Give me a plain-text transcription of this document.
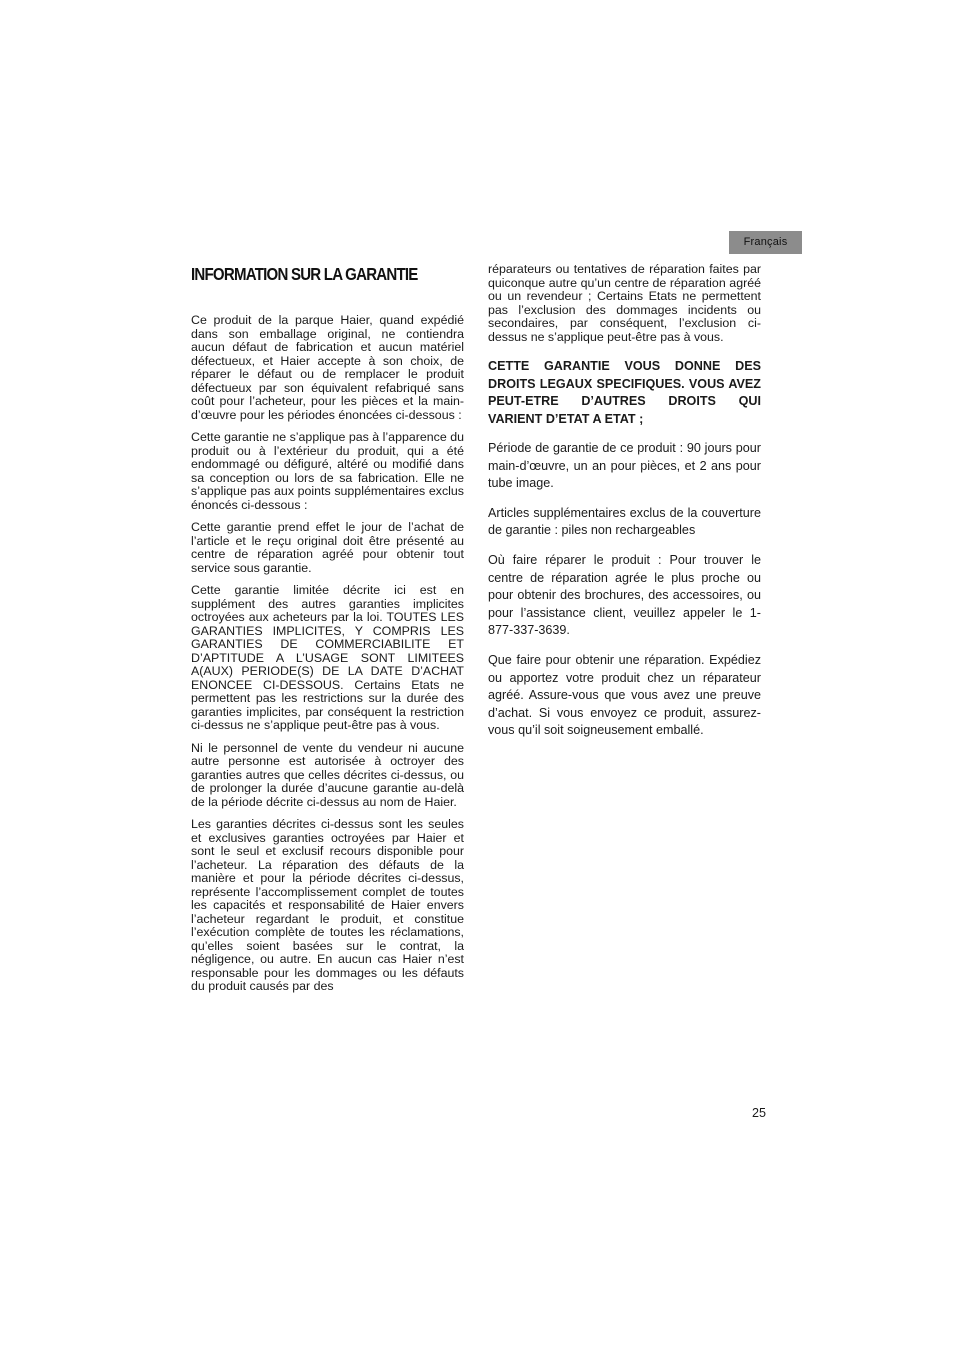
Français
INFORMATION SUR LA GARANTIE

Ce produit de la parque Haier, quand expédié dans son emballage original, ne contiendra aucun défaut de fabrication et aucun matériel défectueux, et Haier accepte à son choix, de réparer le défaut ou de remplacer le produit défectueux par son équivalent refabriqué sans coût pour l’acheteur, pour les pièces et la main-d’œuvre pour les périodes énoncées ci-dessous :

Cette garantie ne s’applique pas à l’apparence du produit ou à l’extérieur du produit, qui a été endommagé ou défiguré, altéré ou modifié dans sa conception ou lors de sa fabrication. Elle ne s’applique pas aux points supplémentaires exclus énoncés ci-dessous :

Cette garantie prend effet le jour de l’achat de l’article et le reçu original doit être présenté au centre de réparation agréé pour obtenir tout service sous garantie.

Cette garantie limitée décrite ici est en supplément des autres garanties implicites octroyées aux acheteurs par la loi. TOUTES LES GARANTIES IMPLICITES, Y COMPRIS LES GARANTIES DE COMMERCIABILITE ET D’APTITUDE A L’USAGE SONT LIMITEES A(AUX) PERIODE(S) DE LA DATE D’ACHAT ENONCEE CI-DESSOUS. Certains Etats ne permettent pas les restrictions sur la durée des garanties implicites, par conséquent la restriction ci-dessus ne s’applique peut-être pas à vous.

Ni le personnel de vente du vendeur ni aucune autre personne est autorisée à octroyer des garanties autres que celles décrites ci-dessus, ou de prolonger la durée d’aucune garantie au-delà de la période décrite ci-dessus au nom de Haier.

Les garanties décrites ci-dessus sont les seules et exclusives garanties octroyées par Haier et sont le seul et exclusif recours disponible pour l’acheteur. La réparation des défauts de la manière et pour la période décrites ci-dessus, représente l’accomplissement complet de toutes les capacités et responsabilité de Haier envers l’acheteur regardant le produit, et constitue l’exécution complète de toutes les réclamations, qu’elles soient basées sur le contrat, la négligence, ou autre. En aucun cas Haier n’est responsable pour les dommages ou les défauts du produit causés par des

réparateurs ou tentatives de réparation faites par quiconque autre qu’un centre de réparation agréé ou un revendeur ; Certains Etats ne permettent pas l’exclusion des dommages incidents ou secondaires, par conséquent, l’exclusion ci-dessus ne s’applique peut-être pas à vous.

CETTE GARANTIE VOUS DONNE DES DROITS LEGAUX SPECIFIQUES. VOUS AVEZ PEUT-ETRE D’AUTRES DROITS QUI VARIENT D’ETAT A ETAT ;

Période de garantie de ce produit : 90 jours pour main-d’œuvre, un an pour pièces, et 2 ans pour tube image.

Articles supplémentaires exclus de la couverture de garantie : piles non rechargeables

Où faire réparer le produit : Pour trouver le centre de réparation agrée le plus proche ou pour obtenir des brochures, des accessoires, ou pour l’assistance client, veuillez appeler le 1-877-337-3639.

Que faire pour obtenir une réparation. Expédiez ou apportez votre produit chez un réparateur agréé. Assure-vous que vous avez une preuve d’achat. Si vous envoyez ce produit, assurez-vous qu’il soit soigneusement emballé.

25
